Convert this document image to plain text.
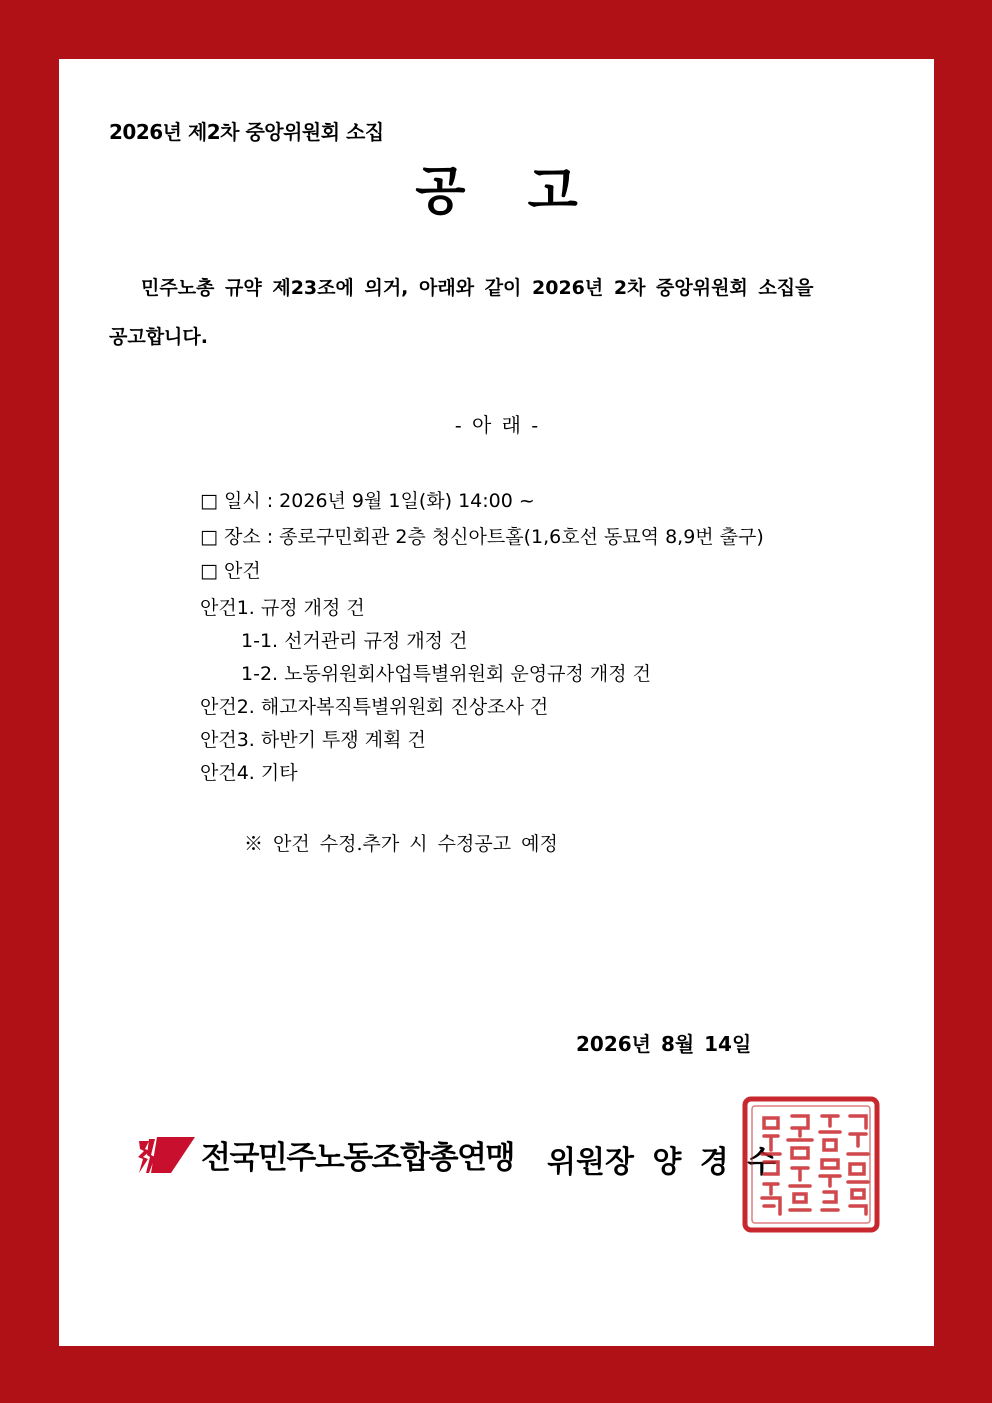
2026년 제2차 중앙위원회 소집
공 고
민주노총 규약 제23조에 의거, 아래와 같이 2026년 2차 중앙위원회 소집을
공고합니다.
- 아 래 -
□ 일시 : 2026년 9월 1일(화) 14:00 ~
□ 장소 : 종로구민회관 2층 청신아트홀(1,6호선 동묘역 8,9번 출구)
□ 안건
안건1. 규정 개정 건
1-1. 선거관리 규정 개정 건
1-2. 노동위원회사업특별위원회 운영규정 개정 건
안건2. 해고자복직특별위원회 진상조사 건
안건3. 하반기 투쟁 계획 건
안건4. 기타
※ 안건 수정.추가 시 수정공고 예정
2026년 8월 14일
전국민주노동조합총연맹 위원장 양 경 수
